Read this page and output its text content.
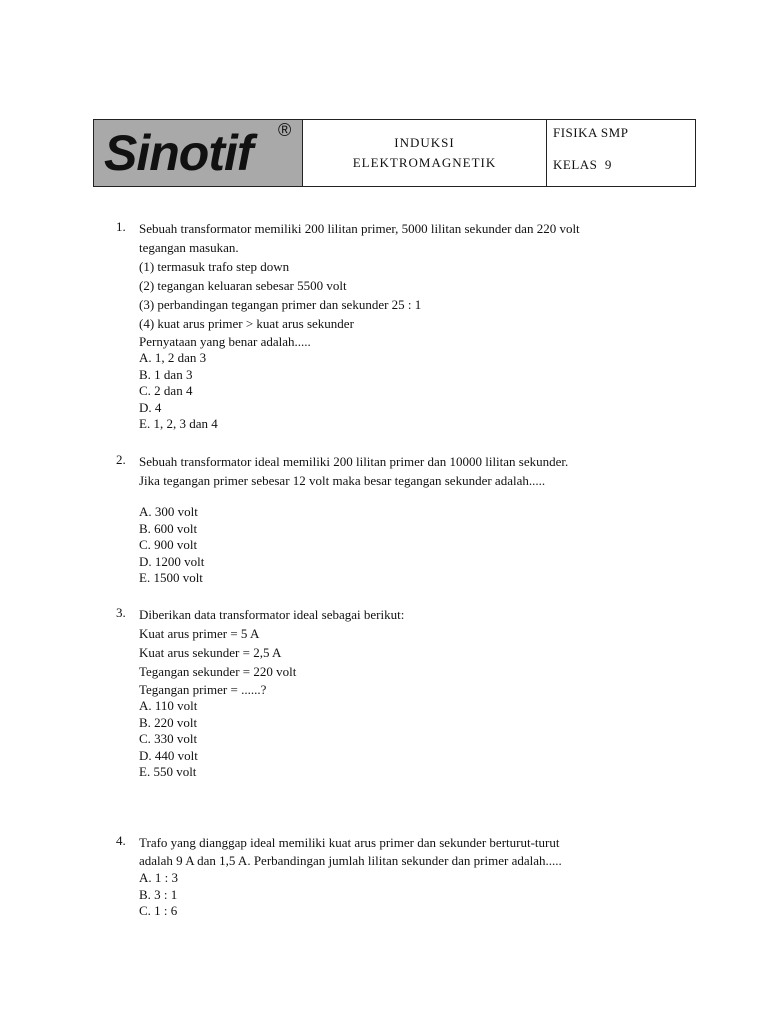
Sinotif ®
INDUKSI
ELEKTROMAGNETIK
FISIKA SMP
KELAS  9
1. Sebuah transformator memiliki 200 lilitan primer, 5000 lilitan sekunder dan 220 volt
tegangan masukan.
(1) termasuk trafo step down
(2) tegangan keluaran sebesar 5500 volt
(3) perbandingan tegangan primer dan sekunder 25 : 1
(4) kuat arus primer > kuat arus sekunder
Pernyataan yang benar adalah.....
A. 1, 2 dan 3
B. 1 dan 3
C. 2 dan 4
D. 4
E. 1, 2, 3 dan 4
2. Sebuah transformator ideal memiliki 200 lilitan primer dan 10000 lilitan sekunder.
Jika tegangan primer sebesar 12 volt maka besar tegangan sekunder adalah.....
A. 300 volt
B. 600 volt
C. 900 volt
D. 1200 volt
E. 1500 volt
3. Diberikan data transformator ideal sebagai berikut:
Kuat arus primer = 5 A
Kuat arus sekunder = 2,5 A
Tegangan sekunder = 220 volt
Tegangan primer = ......?
A. 110 volt
B. 220 volt
C. 330 volt
D. 440 volt
E. 550 volt
4. Trafo yang dianggap ideal memiliki kuat arus primer dan sekunder berturut-turut
adalah 9 A dan 1,5 A. Perbandingan jumlah lilitan sekunder dan primer adalah.....
A. 1 : 3
B. 3 : 1
C. 1 : 6
